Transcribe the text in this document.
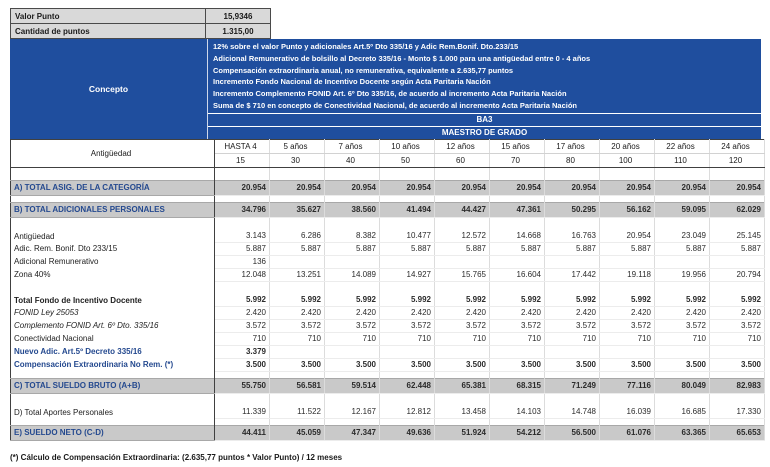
Valor Punto	15,9346
Cantidad de puntos	1.315,00
Concepto
12% sobre el valor Punto y adicionales Art.5º Dto 335/16 y Adic Rem.Bonif. Dto.233/15
Adicional Remunerativo de bolsillo al Decreto 335/16 - Monto $ 1.000 para una antigüedad entre 0 - 4 años
Compensación extraordinaria anual, no remunerativa, equivalente a 2.635,77 puntos
Incremento Fondo Nacional de Incentivo Docente según Acta Paritaria Nación
Incremento Complemento FONID Art. 6º Dto 335/16, de acuerdo al incremento Acta Paritaria Nación
Suma de $ 710 en concepto de Conectividad Nacional, de acuerdo al incremento Acta Paritaria Nación
BA3
MAESTRO DE GRADO
Antigüedad	HASTA 4	5 años	7 años	10 años	12 años	15 años	17 años	20 años	22 años	24 años
	15	30	40	50	60	70	80	100	110	120

A) TOTAL ASIG. DE LA CATEGORÍA	20.954	20.954	20.954	20.954	20.954	20.954	20.954	20.954	20.954	20.954

B) TOTAL ADICIONALES PERSONALES	34.796	35.627	38.560	41.494	44.427	47.361	50.295	56.162	59.095	62.029

Antigüedad	3.143	6.286	8.382	10.477	12.572	14.668	16.763	20.954	23.049	25.145
Adic. Rem. Bonif. Dto 233/15	5.887	5.887	5.887	5.887	5.887	5.887	5.887	5.887	5.887	5.887
Adicional Remunerativo	136									
Zona 40%	12.048	13.251	14.089	14.927	15.765	16.604	17.442	19.118	19.956	20.794

Total Fondo de Incentivo Docente	5.992	5.992	5.992	5.992	5.992	5.992	5.992	5.992	5.992	5.992
FONID Ley 25053	2.420	2.420	2.420	2.420	2.420	2.420	2.420	2.420	2.420	2.420
Complemento FONID Art. 6º Dto. 335/16	3.572	3.572	3.572	3.572	3.572	3.572	3.572	3.572	3.572	3.572
Conectividad Nacional	710	710	710	710	710	710	710	710	710	710
Nuevo Adic. Art.5º Decreto 335/16	3.379									
Compensación Extraordinaria No Rem. (*)	3.500	3.500	3.500	3.500	3.500	3.500	3.500	3.500	3.500	3.500

C) TOTAL SUELDO BRUTO (A+B)	55.750	56.581	59.514	62.448	65.381	68.315	71.249	77.116	80.049	82.983

D) Total Aportes Personales	11.339	11.522	12.167	12.812	13.458	14.103	14.748	16.039	16.685	17.330

E) SUELDO NETO (C-D)	44.411	45.059	47.347	49.636	51.924	54.212	56.500	61.076	63.365	65.653
(*) Cálculo de Compensación Extraordinaria: (2.635,77 puntos * Valor Punto) / 12 meses
